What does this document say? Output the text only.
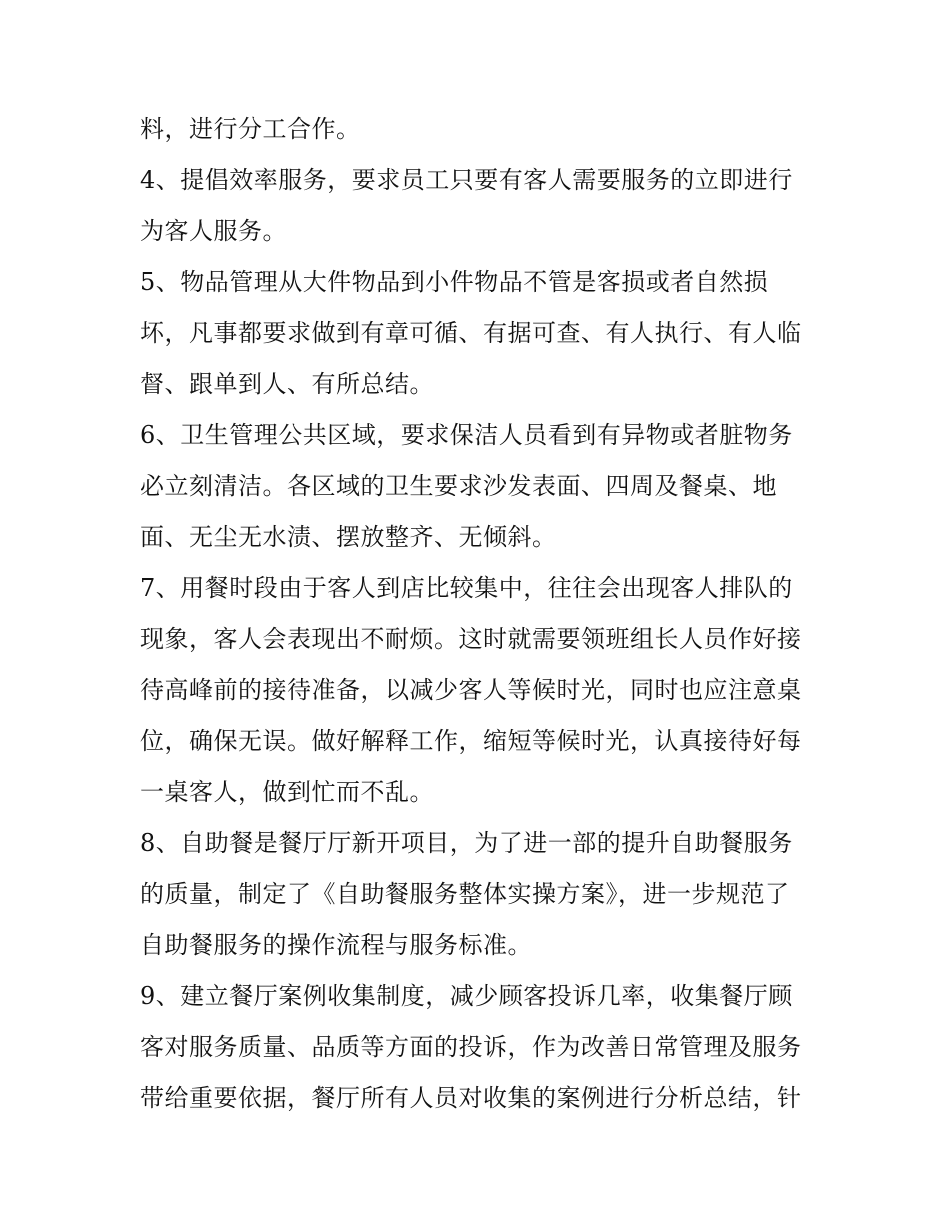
料，进行分工合作。
4、提倡效率服务，要求员工只要有客人需要服务的立即进行
为客人服务。
5、物品管理从大件物品到小件物品不管是客损或者自然损
坏，凡事都要求做到有章可循、有据可查、有人执行、有人临
督、跟单到人、有所总结。
6、卫生管理公共区域，要求保洁人员看到有异物或者脏物务
必立刻清洁。各区域的卫生要求沙发表面、四周及餐桌、地
面、无尘无水渍、摆放整齐、无倾斜。
7、用餐时段由于客人到店比较集中，往往会出现客人排队的
现象，客人会表现出不耐烦。这时就需要领班组长人员作好接
待高峰前的接待准备，以减少客人等候时光，同时也应注意桌
位，确保无误。做好解释工作，缩短等候时光，认真接待好每
一桌客人，做到忙而不乱。
8、自助餐是餐厅厅新开项目，为了进一部的提升自助餐服务
的质量，制定了《自助餐服务整体实操方案》，进一步规范了
自助餐服务的操作流程与服务标准。
9、建立餐厅案例收集制度，减少顾客投诉几率，收集餐厅顾
客对服务质量、品质等方面的投诉，作为改善日常管理及服务
带给重要依据，餐厅所有人员对收集的案例进行分析总结，针
